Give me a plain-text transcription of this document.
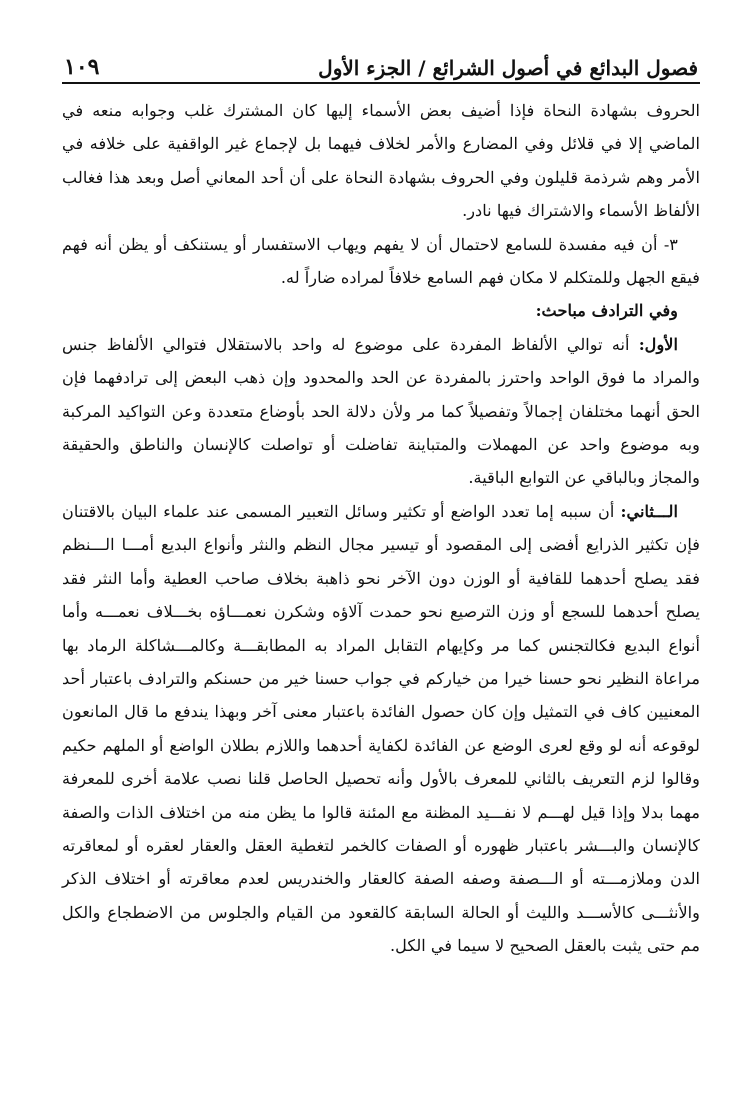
فصول البدائع في أصول الشرائع / الجزء الأول
١٠٩

الحروف بشهادة النحاة فإذا أضيف بعض الأسماء إليها كان المشترك غلب وجوابه منعه في الماضي إلا في قلائل وفي المضارع والأمر لخلاف فيهما بل لإجماع غير الواقفية على خلافه في الأمر وهم شرذمة قليلون وفي الحروف بشهادة النحاة على أن أحد المعاني أصل وبعد هذا فغالب الألفاظ الأسماء والاشتراك فيها نادر.

٣- أن فيه مفسدة للسامع لاحتمال أن لا يفهم ويهاب الاستفسار أو يستنكف أو يظن أنه فهم فيقع الجهل وللمتكلم لا مكان فهم السامع خلافاً لمراده ضاراً له.

وفي الترادف مباحث:

الأول: أنه توالي الألفاظ المفردة على موضوع له واحد بالاستقلال فتوالي الألفاظ جنس والمراد ما فوق الواحد واحترز بالمفردة عن الحد والمحدود وإن ذهب البعض إلى ترادفهما فإن الحق أنهما مختلفان إجمالاً وتفصيلاً كما مر ولأن دلالة الحد بأوضاع متعددة وعن التواكيد المركبة وبه موضوع واحد عن المهملات والمتباينة تفاضلت أو تواصلت كالإنسان والناطق والحقيقة والمجاز وبالباقي عن التوابع الباقية.

الـــثاني: أن سببه إما تعدد الواضع أو تكثير وسائل التعبير المسمى عند علماء البيان بالاقتنان فإن تكثير الذرايع أفضى إلى المقصود أو تيسير مجال النظم والنثر وأنواع البديع أمـــا الـــنظم فقد يصلح أحدهما للقافية أو الوزن دون الآخر نحو ذاهبة بخلاف صاحب العطية وأما النثر فقد يصلح أحدهما للسجع أو وزن الترصيع نحو حمدت آلاؤه وشكرن نعمـــاؤه بخـــلاف نعمـــه وأما أنواع البديع فكالتجنس كما مر وكإيهام التقابل المراد به المطابقـــة وكالمـــشاكلة الرماد بها مراعاة النظير نحو حسنا خيرا من خياركم في جواب حسنا خير من حسنكم والترادف باعتبار أحد المعنيين كاف في التمثيل وإن كان حصول الفائدة باعتبار معنى آخر وبهذا يندفع ما قال المانعون لوقوعه أنه لو وقع لعرى الوضع عن الفائدة لكفاية أحدهما واللازم بطلان الواضع أو الملهم حكيم وقالوا لزم التعريف بالثاني للمعرف بالأول وأنه تحصيل الحاصل قلنا نصب علامة أخرى للمعرفة مهما بدلا وإذا قيل لهـــم لا نفـــيد المظنة مع المئنة قالوا ما يظن منه من اختلاف الذات والصفة كالإنسان والبـــشر باعتبار ظهوره أو الصفات كالخمر لتغطية العقل والعقار لعقره أو لمعاقرته الدن وملازمـــته أو الـــصفة وصفه الصفة كالعقار والخندريس لعدم معاقرته أو اختلاف الذكر والأنثـــى كالأســـد والليث أو الحالة السابقة كالقعود من القيام والجلوس من الاضطجاع والكل مم حتى يثبت بالعقل الصحيح لا سيما في الكل.
